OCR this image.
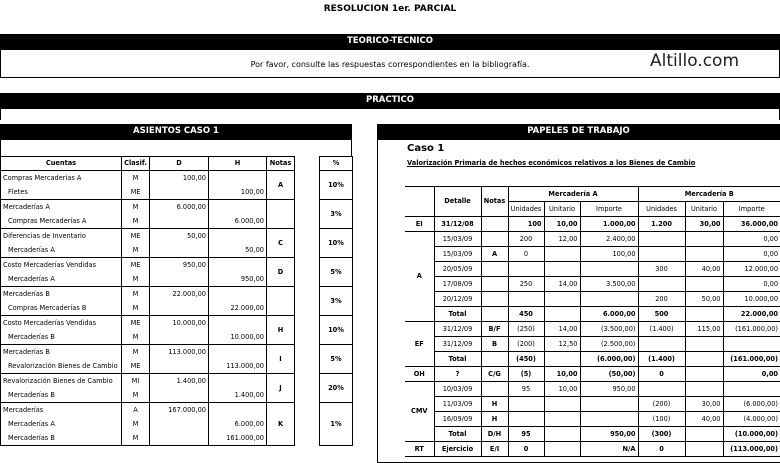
RESOLUCION 1er. PARCIAL
TEORICO-TECNICO
Por favor, consulte las respuestas correspondientes en la bibliografía.	Altillo.com
PRACTICO
ASIENTOS CASO 1
Cuentas	Clasif.	D	H	Notas		%
Compras Mercaderías A	M	100,00		A		10%
Fletes	ME		100,00			
Mercaderías A	M	6.000,00				3%
Compras Mercaderías A	M		6.000,00			
Diferencias de Inventario	ME	50,00		C		10%
Mercaderías A	M		50,00			
Costo Mercaderías Vendidas	ME	950,00		D		5%
Mercaderías A	M		950,00			
Mercaderías B	M	22.000,00				3%
Compras Mercaderías B	M		22.000,00			
Costo Mercaderías Vendidas	ME	10.000,00		H		10%
Mercaderías B	M		10.000,00			
Mercaderías B	M	113.000,00		I		5%
Revalorización Bienes de Cambio	ME		113.000,00			
Revalorización Bienes de Cambio	MI	1.400,00		J		20%
Mercaderías B	M		1.400,00			
Mercaderías	A	167.000,00		K		1%
Mercaderías A	M		6.000,00			
Mercaderías B	M		161.000,00			
PAPELES DE TRABAJO
Caso 1
Valorización Primaria de hechos económicos relativos a los Bienes de Cambio
	Detalle	Notas	Mercadería A			Mercadería B		
			Unidades	Unitario	Importe	Unidades	Unitario	Importe
EI	31/12/08		100	10,00	1.000,00	1.200	30,00	36.000,00
A	15/03/09		200	12,00	2.400,00			0,00
	15/03/09	A	0		100,00			0,00
	20/05/09					300	40,00	12.000,00
	17/08/09		250	14,00	3.500,00			0,00
	20/12/09					200	50,00	10.000,00
	Total		450		6.000,00	500		22.000,00
EF	31/12/09	B/F	(250)	14,00	(3.500,00)	(1.400)	115,00	(161.000,00)
	31/12/09	B	(200)	12,50	(2.500,00)			
	Total		(450)		(6.000,00)	(1.400)		(161.000,00)
OH	?	C/G	(5)	10,00	(50,00)	0		0,00
CMV	10/03/09		95	10,00	950,00			
	11/03/09	H				(200)	30,00	(6.000,00)
	16/09/09	H				(100)	40,00	(4.000,00)
	Total	D/H	95		950,00	(300)		(10.000,00)
RT	Ejercicio	E/I	0		N/A	0		(113.000,00)
